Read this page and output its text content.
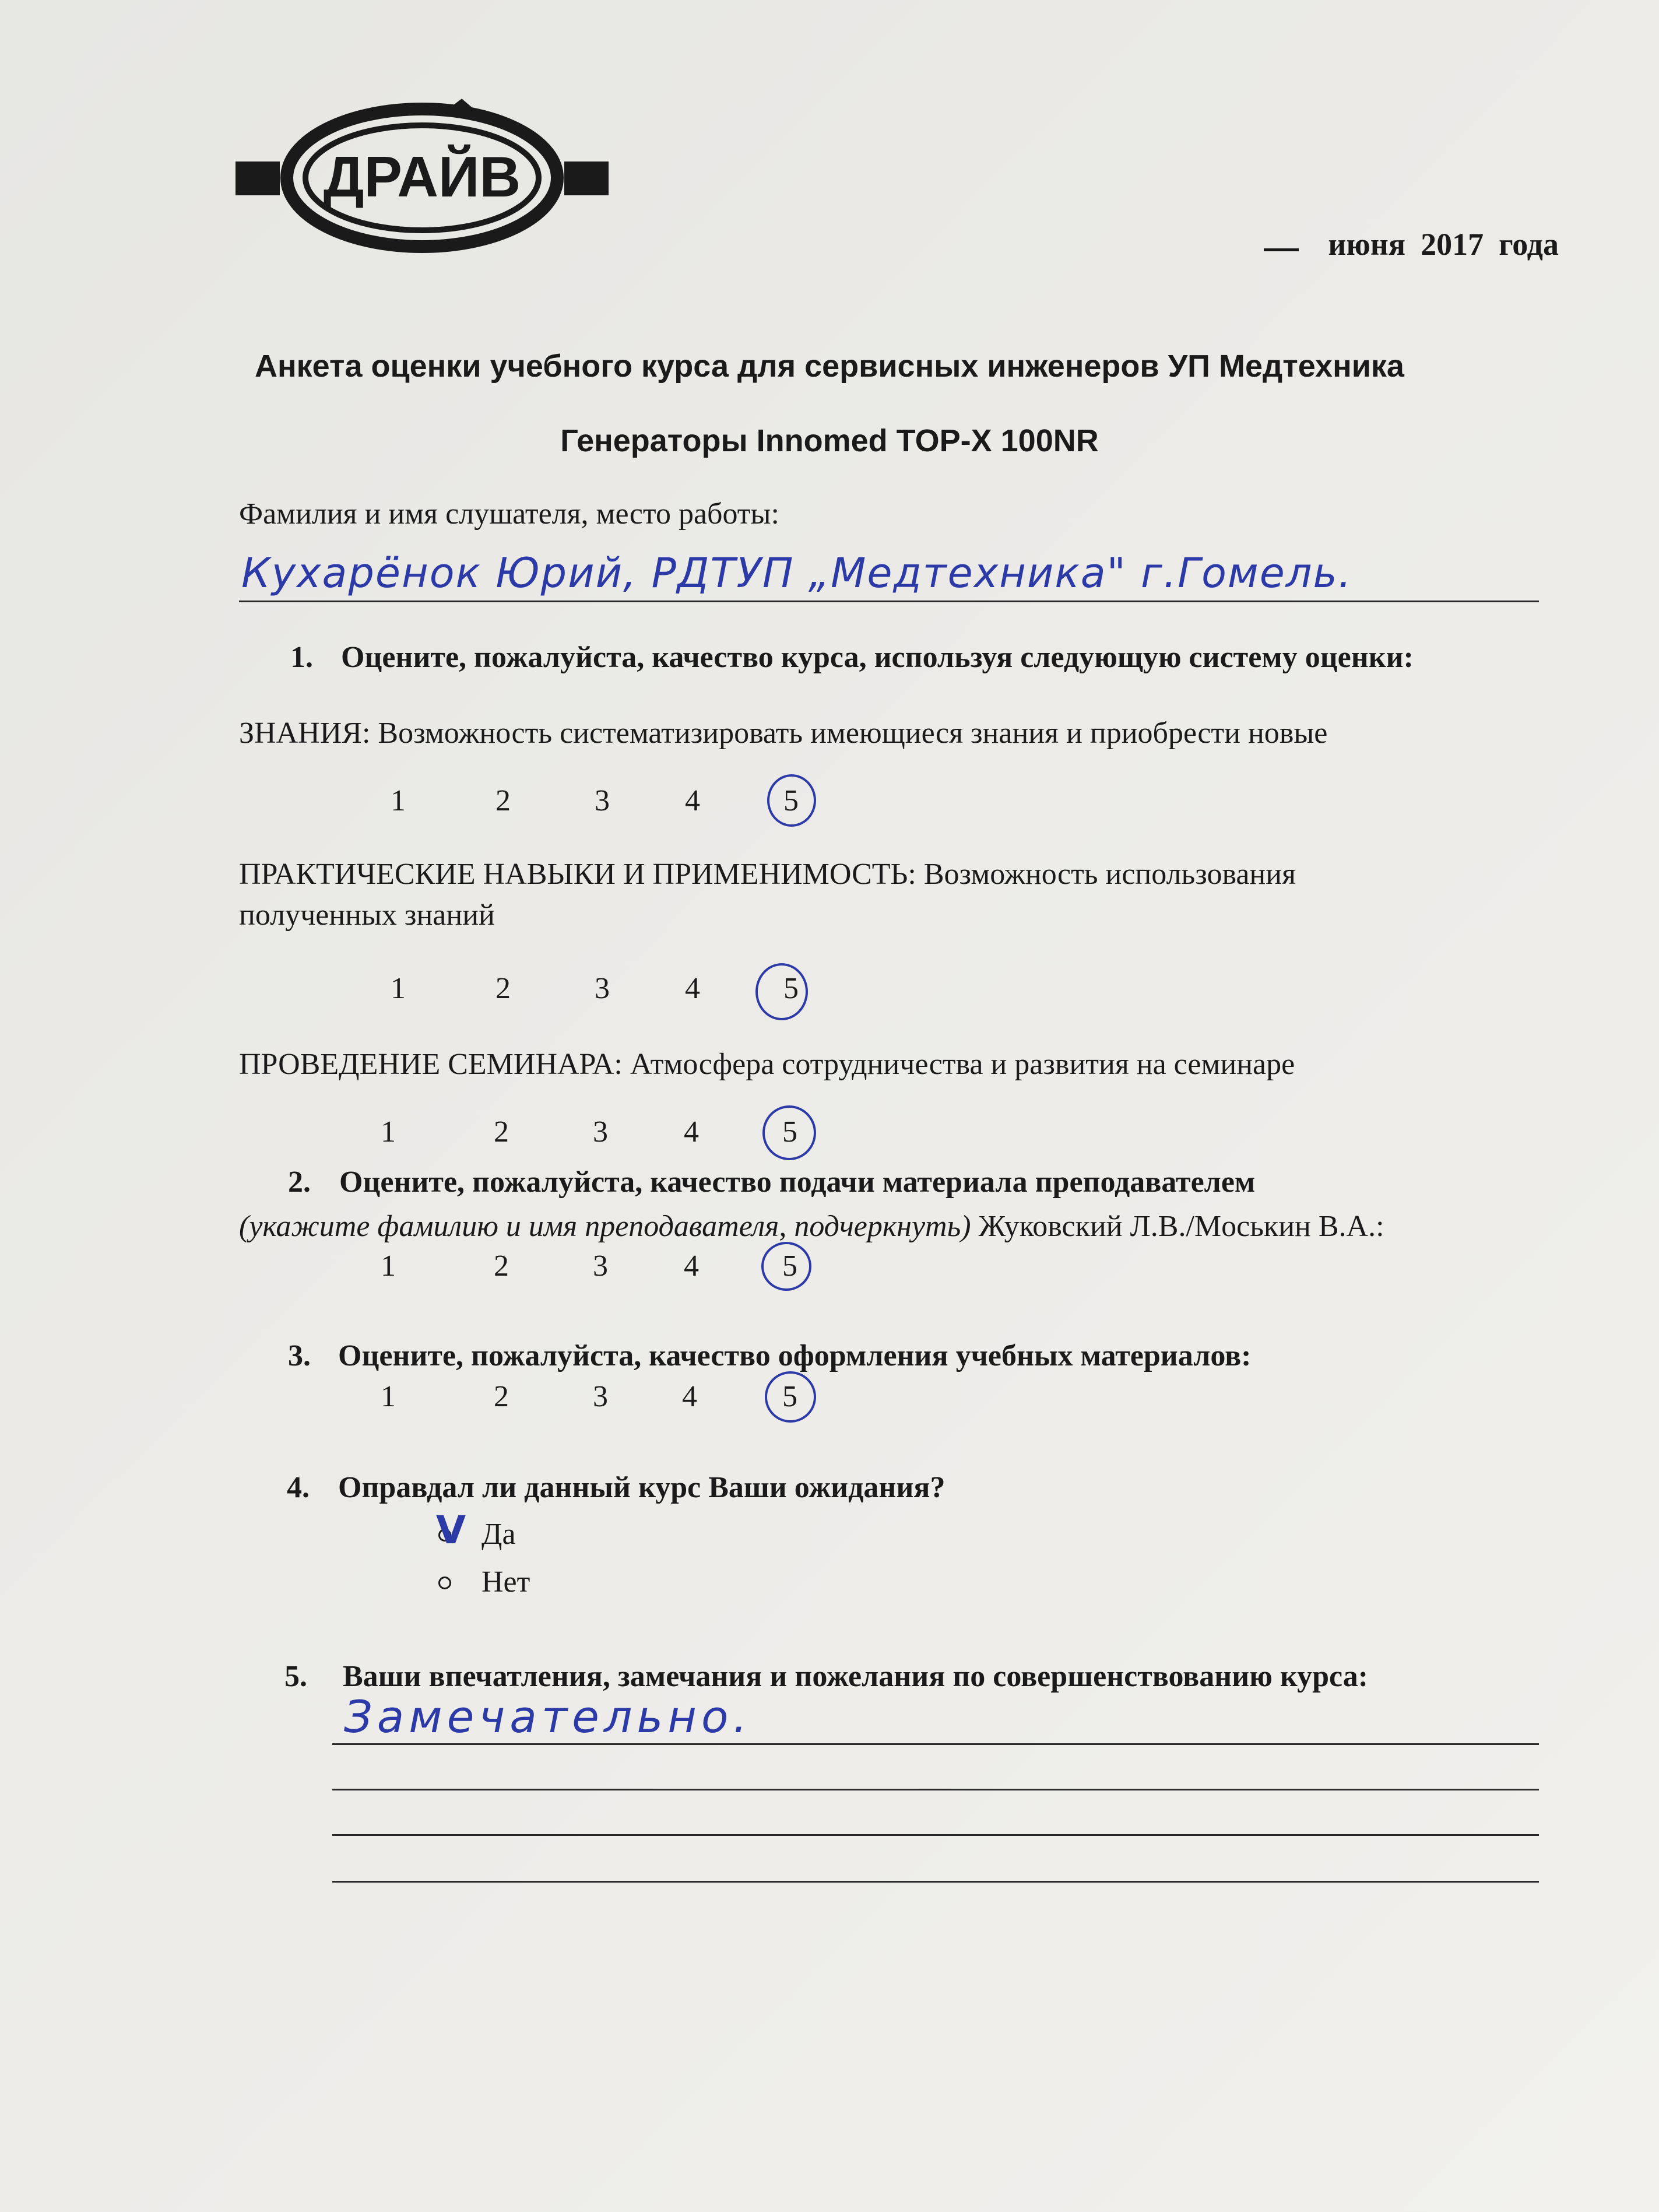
ДРАЙВ
июня 2017 года
Анкета оценки учебного курса для сервисных инженеров УП Медтехника
Генераторы Innomed TOP-X 100NR
Фамилия и имя слушателя, место работы:
Кухарёнок Юрий, РДТУП „Медтехника" г.Гомель.
1. Оцените, пожалуйста, качество курса, используя следующую систему оценки:
ЗНАНИЯ: Возможность систематизировать имеющиеся знания и приобрести новые
1	2	3	4	5
ПРАКТИЧЕСКИЕ НАВЫКИ И ПРИМЕНИМОСТЬ: Возможность использования
полученных знаний
1	2	3	4	5
ПРОВЕДЕНИЕ СЕМИНАРА: Атмосфера сотрудничества и развития на семинаре
1	2	3	4	5
2. Оцените, пожалуйста, качество подачи материала преподавателем
(укажите фамилию и имя преподавателя, подчеркнуть) Жуковский Л.В./Мoськин В.А.:
1	2	3	4	5
3. Оцените, пожалуйста, качество оформления учебных материалов:
1	2	3	4	5
4. Оправдал ли данный курс Ваши ожидания?
Да
V
Нет
5. Ваши впечатления, замечания и пожелания по совершенствованию курса:
Замечательно.
